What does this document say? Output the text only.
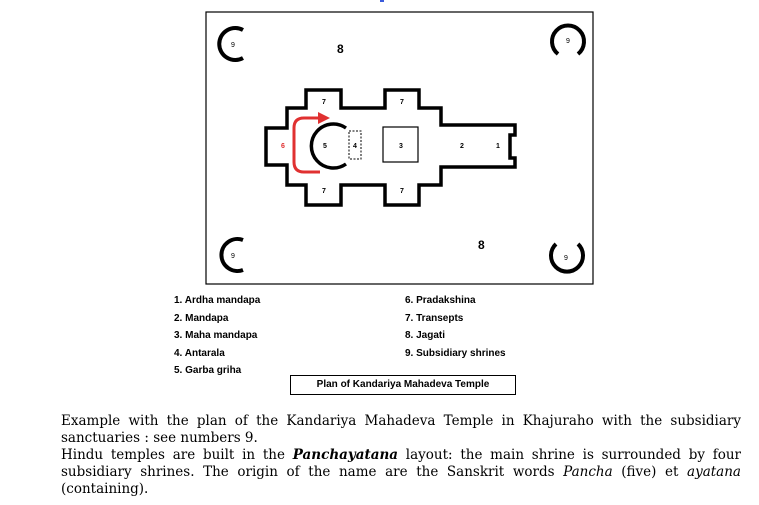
9
9
9	9
8
8
7	7
7	7
6	5	4	3	2	1
1. Ardha mandapa
2. Mandapa
3. Maha mandapa
4. Antarala
5. Garba griha
6. Pradakshina
7. Transepts
8. Jagati
9. Subsidiary shrines
Plan of Kandariya Mahadeva Temple

Example with the plan of the Kandariya Mahadeva Temple in Khajuraho with the subsidiary sanctuaries : see numbers 9.

Hindu temples are built in the Panchayatana layout: the main shrine is surrounded by four subsidiary shrines. The origin of the name are the Sanskrit words Pancha (five) et ayatana (containing).
